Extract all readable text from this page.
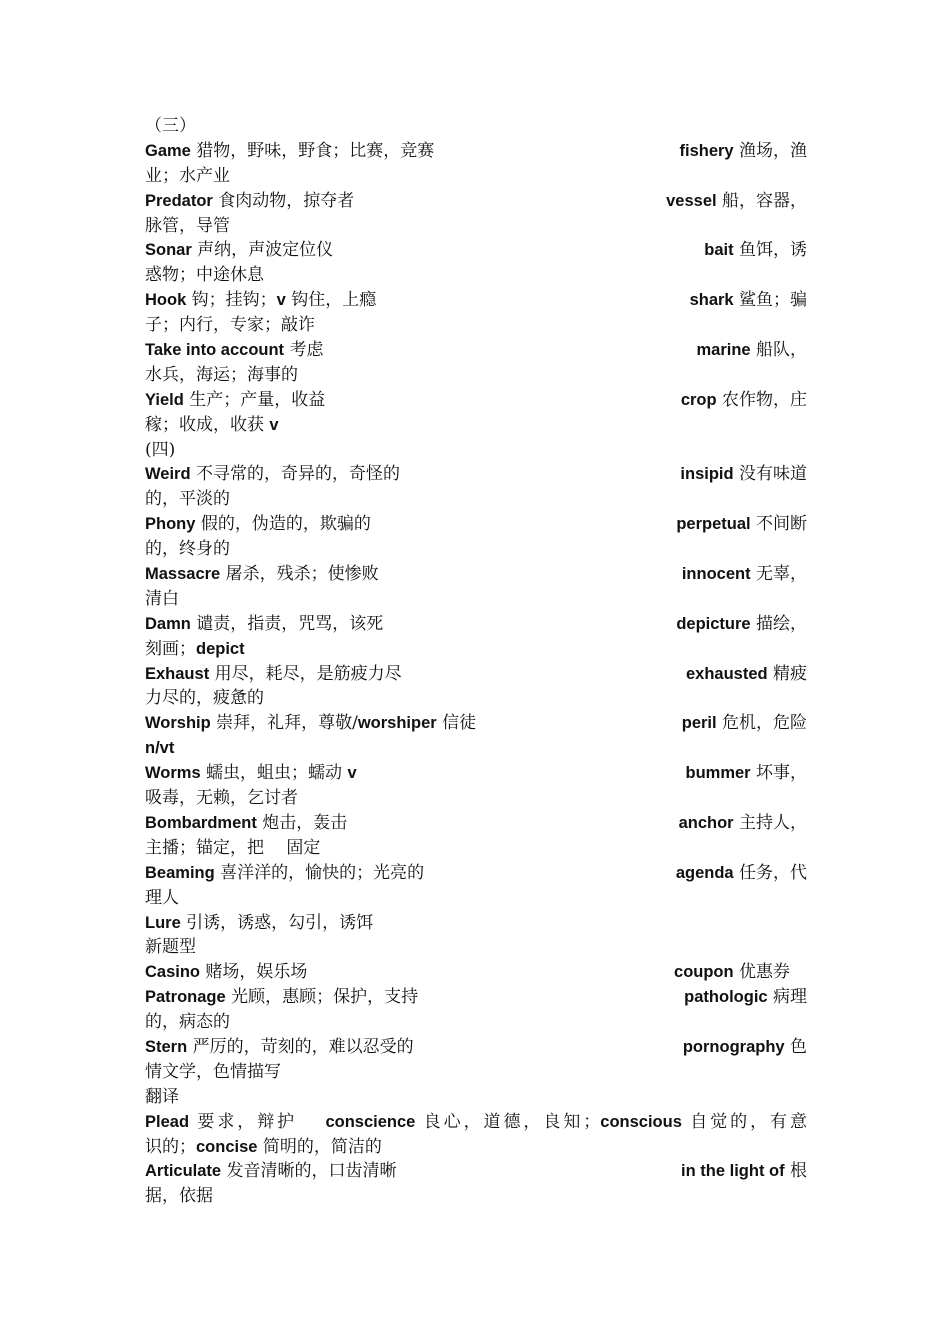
（三）
Game 猎物，野味，野食；比赛，竞赛	fishery 渔场，渔
业；水产业
Predator 食肉动物，掠夺者	vessel 船，容器，
脉管，导管
Sonar 声纳，声波定位仪	bait 鱼饵，诱
惑物；中途休息
Hook 钩；挂钩；v 钩住，上瘾	shark 鲨鱼；骗
子；内行，专家；敲诈
Take into account 考虑	marine 船队，
水兵，海运；海事的
Yield 生产；产量，收益	crop 农作物，庄
稼；收成，收获 v
(四)
Weird 不寻常的，奇异的，奇怪的	insipid 没有味道
的，平淡的
Phony 假的，伪造的，欺骗的	perpetual 不间断
的，终身的
Massacre 屠杀，残杀；使惨败	innocent 无辜，
清白
Damn 谴责，指责，咒骂，该死	depicture 描绘，
刻画；depict
Exhaust 用尽，耗尽，是筋疲力尽	exhausted 精疲
力尽的，疲惫的
Worship 崇拜，礼拜，尊敬/worshiper 信徒	peril 危机，危险
n/vt
Worms 蠕虫，蛆虫；蠕动 v	bummer 坏事，
吸毒，无赖，乞讨者
Bombardment 炮击，轰击	anchor 主持人，
主播；锚定，把　 固定
Beaming 喜洋洋的，愉快的；光亮的	agenda 任务，代
理人
Lure 引诱，诱惑，勾引，诱饵
新题型
Casino 赌场，娱乐场	coupon 优惠券　
Patronage 光顾，惠顾；保护，支持	pathologic 病理
的，病态的
Stern 严厉的，苛刻的，难以忍受的	pornography 色
情文学，色情描写
翻译
Plead 要求，辩护　 conscience 良心，道德，良知；conscious 自觉的，有意
识的；concise 简明的，简洁的
Articulate 发音清晰的，口齿清晰	in the light of 根
据，依据
